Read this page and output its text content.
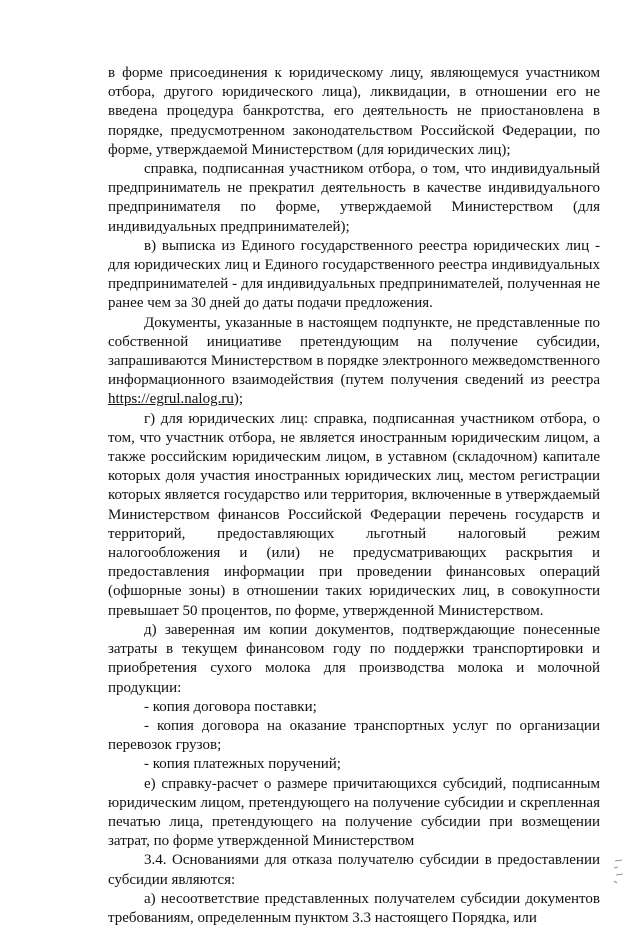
в форме присоединения к юридическому лицу, являющемуся участником отбора, другого юридического лица), ликвидации, в отношении его не введена процедура банкротства, его деятельность не приостановлена в порядке, предусмотренном законодательством Российской Федерации, по форме, утверждаемой Министерством (для юридических лиц);

справка, подписанная участником отбора, о том, что индивидуальный предприниматель не прекратил деятельность в качестве индивидуального предпринимателя по форме, утверждаемой Министерством (для индивидуальных предпринимателей);

в) выписка из Единого государственного реестра юридических лиц - для юридических лиц и Единого государственного реестра индивидуальных предпринимателей - для индивидуальных предпринимателей, полученная не ранее чем за 30 дней до даты подачи предложения.

Документы, указанные в настоящем подпункте, не представленные по собственной инициативе претендующим на получение субсидии, запрашиваются Министерством в порядке электронного межведомственного информационного взаимодействия (путем получения сведений из реестра https://egrul.nalog.ru);

г) для юридических лиц: справка, подписанная участником отбора, о том, что участник отбора, не является иностранным юридическим лицом, а также российским юридическим лицом, в уставном (складочном) капитале которых доля участия иностранных юридических лиц, местом регистрации которых является государство или территория, включенные в утверждаемый Министерством финансов Российской Федерации перечень государств и территорий, предоставляющих льготный налоговый режим налогообложения и (или) не предусматривающих раскрытия и предоставления информации при проведении финансовых операций (офшорные зоны) в отношении таких юридических лиц, в совокупности превышает 50 процентов, по форме, утвержденной Министерством.

д) заверенная им копии документов, подтверждающие понесенные затраты в текущем финансовом году по поддержки транспортировки и приобретения сухого молока для производства молока и молочной продукции:

- копия договора поставки;

- копия договора на оказание транспортных услуг по организации перевозок грузов;

- копия платежных поручений;

е) справку-расчет о размере причитающихся субсидий, подписанным юридическим лицом, претендующего на получение субсидии и скрепленная печатью лица, претендующего на получение субсидии при возмещении затрат, по форме утвержденной Министерством

3.4. Основаниями для отказа получателю субсидии в предоставлении субсидии являются:

а) несоответствие представленных получателем субсидии документов требованиям, определенным пунктом 3.3 настоящего Порядка, или
